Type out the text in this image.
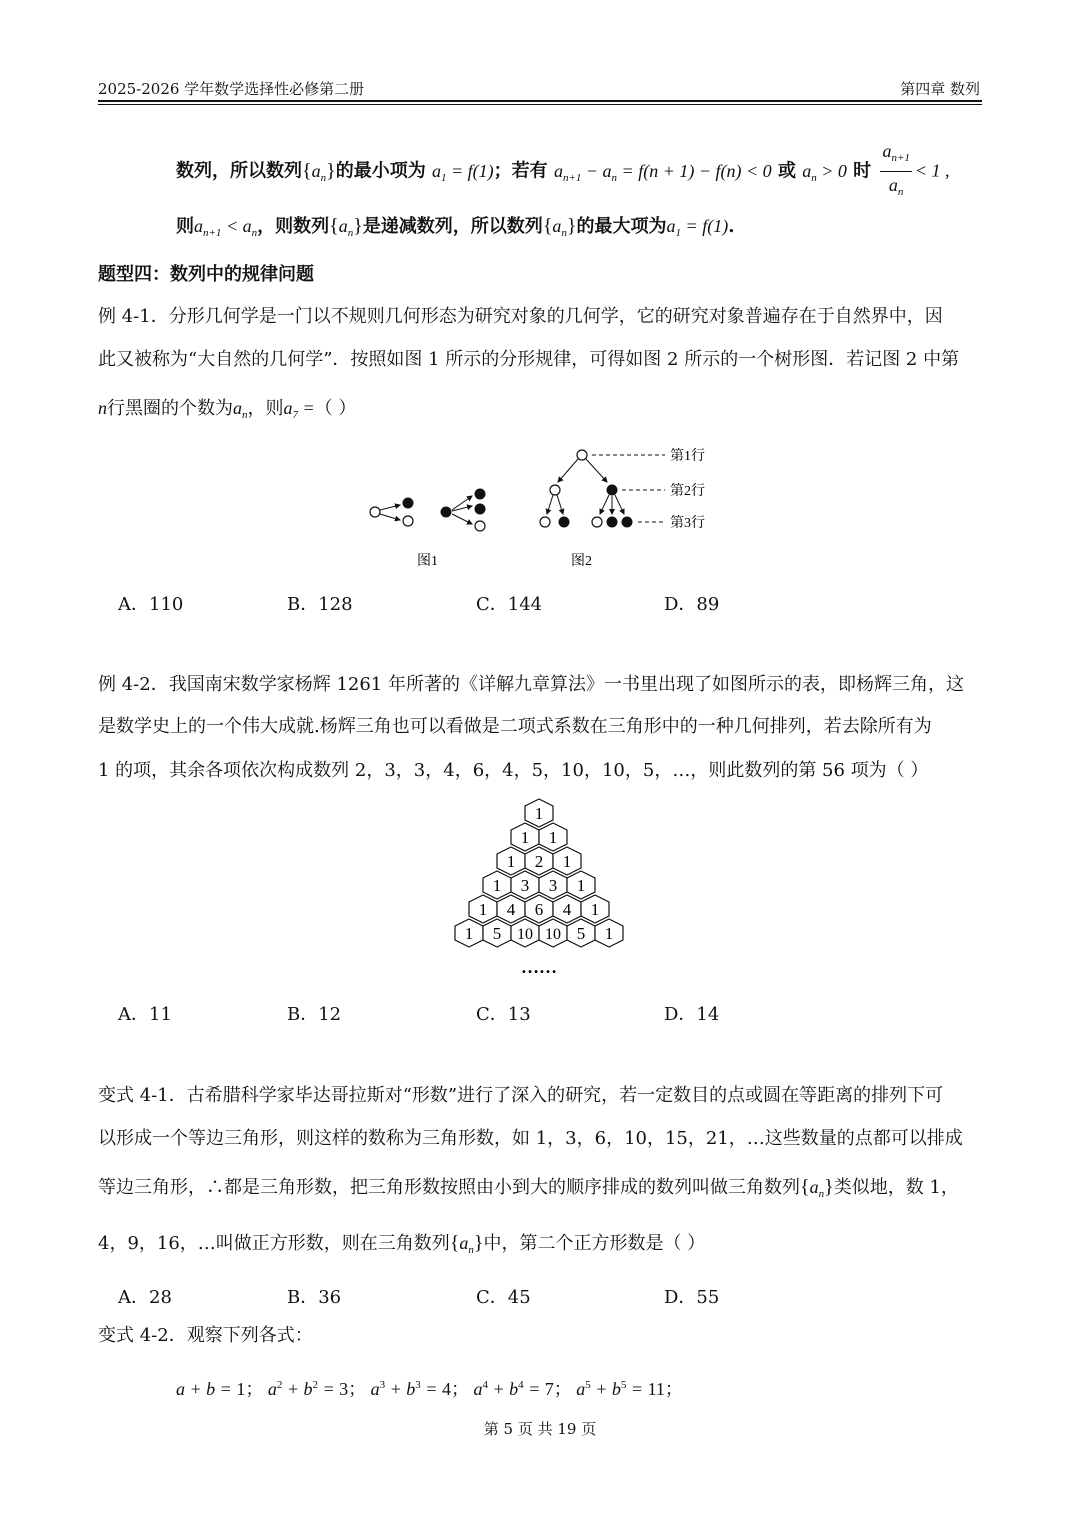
2025-2026 学年数学选择性必修第二册	第四章 数列
数列，所以数列$\{a_n\}$的最小项为 $a_1 = f(1)$；若有 $a_{n+1} - a_n = f(n + 1) - f(n) < 0$ 或 $a_n > 0$ 时 $\frac{a_{n+1}}{a_n} < 1$ ,
则$a_{n+1} < a_n$，则数列$\{a_n\}$是递减数列，所以数列$\{a_n\}$的最大项为$a_1 = f(1)$.
题型四：数列中的规律问题
例 4-1．分形几何学是一门以不规则几何形态为研究对象的几何学，它的研究对象普遍存在于自然界中，因
此又被称为“大自然的几何学”．按照如图 1 所示的分形规律，可得如图 2 所示的一个树形图．若记图 2 中第
n行黑圈的个数为$a_n$，则$a_7$ =（ ）
图1
第1行
第2行
第3行
图2
A．110	B．128	C．144	D．89
例 4-2．我国南宋数学家杨辉 1261 年所著的《详解九章算法》一书里出现了如图所示的表，即杨辉三角，这
是数学史上的一个伟大成就.杨辉三角也可以看做是二项式系数在三角形中的一种几何排列，若去除所有为
1 的项，其余各项依次构成数列 2，3，3，4，6，4，5，10，10，5，…，则此数列的第 56 项为（ ）
1
1 1
1 2 1
1 3 3 1
1 4 6 4 1
1 5 10 10 5 1
……
A．11	B．12	C．13	D．14
变式 4-1．古希腊科学家毕达哥拉斯对“形数”进行了深入的研究，若一定数目的点或圆在等距离的排列下可
以形成一个等边三角形，则这样的数称为三角形数，如 1，3，6，10，15，21，…这些数量的点都可以排成
等边三角形，∴都是三角形数，把三角形数按照由小到大的顺序排成的数列叫做三角数列$\{a_n\}$类似地，数 1，
4，9，16，…叫做正方形数，则在三角数列$\{a_n\}$中，第二个正方形数是（ ）
A．28	B．36	C．45	D．55
变式 4-2．观察下列各式：
a + b = 1； $a^2 + b^2 = 3$； $a^3 + b^3 = 4$； $a^4 + b^4 = 7$； $a^5 + b^5 = 11$；
第 5 页 共 19 页
